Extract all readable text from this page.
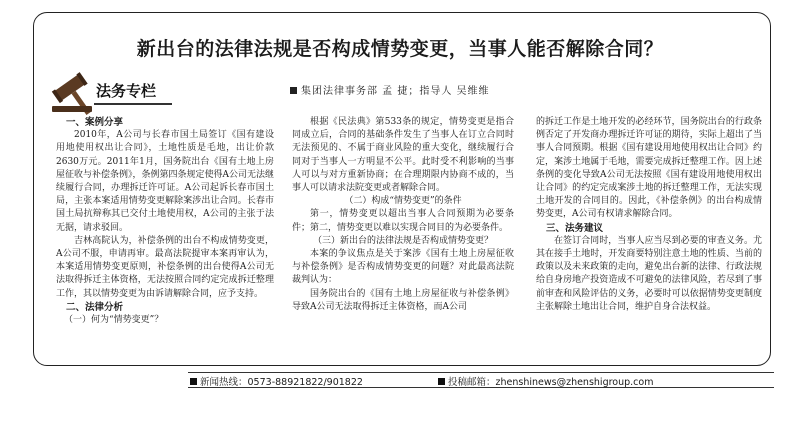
新出台的法律法规是否构成情势变更，当事人能否解除合同？
法务专栏	集团法律事务部 孟 捷；指导人 吴维维
一、案例分享

2010年，A公司与长春市国土局签订《国有建设用地使用权出让合同》，土地性质是毛地，出让价款2630万元。2011年1月，国务院出台《国有土地上房屋征收与补偿条例》，条例第四条规定使得A公司无法继续履行合同，办理拆迁许可证。A公司起诉长春市国土局，主张本案适用情势变更解除案涉出让合同。长春市国土局抗辩称其已交付土地使用权，A公司的主张于法无据，请求驳回。

吉林高院认为，补偿条例的出台不构成情势变更，A公司不服，申请再审。最高法院提审本案再审认为，本案适用情势变更原则，补偿条例的出台使得A公司无法取得拆迁主体资格，无法按照合同约定完成拆迁整理工作，其以情势变更为由诉请解除合同，应予支持。

二、法律分析

（一）何为“情势变更”？

根据《民法典》第533条的规定，情势变更是指合同成立后，合同的基础条件发生了当事人在订立合同时无法预见的、不属于商业风险的重大变化，继续履行合同对于当事人一方明显不公平。此时受不利影响的当事人可以与对方重新协商；在合理期限内协商不成的，当事人可以请求法院变更或者解除合同。

（二）构成“情势变更”的条件

第一，情势变更以超出当事人合同预期为必要条件；第二，情势变更以难以实现合同目的为必要条件。

（三）新出台的法律法规是否构成情势变更？

本案的争议焦点是关于案涉《国有土地上房屋征收与补偿条例》是否构成情势变更的问题？对此最高法院裁判认为：

国务院出台的《国有土地上房屋征收与补偿条例》导致A公司无法取得拆迁主体资格，而A公司

的拆迁工作是土地开发的必经环节，国务院出台的行政条例否定了开发商办理拆迁许可证的期待，实际上超出了当事人合同预期。根据《国有建设用地使用权出让合同》约定，案涉土地属于毛地，需要完成拆迁整理工作。因上述条例的变化导致A公司无法按照《国有建设用地使用权出让合同》的约定完成案涉土地的拆迁整理工作，无法实现土地开发的合同目的。因此，《补偿条例》的出台构成情势变更，A公司有权请求解除合同。

三、法务建议

在签订合同时，当事人应当尽到必要的审查义务。尤其在接手土地时，开发商要特别注意土地的性质、当前的政策以及未来政策的走向，避免出台新的法律、行政法规给自身房地产投资造成不可避免的法律风险，若尽到了事前审查和风险评估的义务，必要时可以依据情势变更制度主张解除土地出让合同，维护自身合法权益。

新闻热线：0573-88921822/901822	投稿邮箱：zhenshinews@zhenshigroup.com
